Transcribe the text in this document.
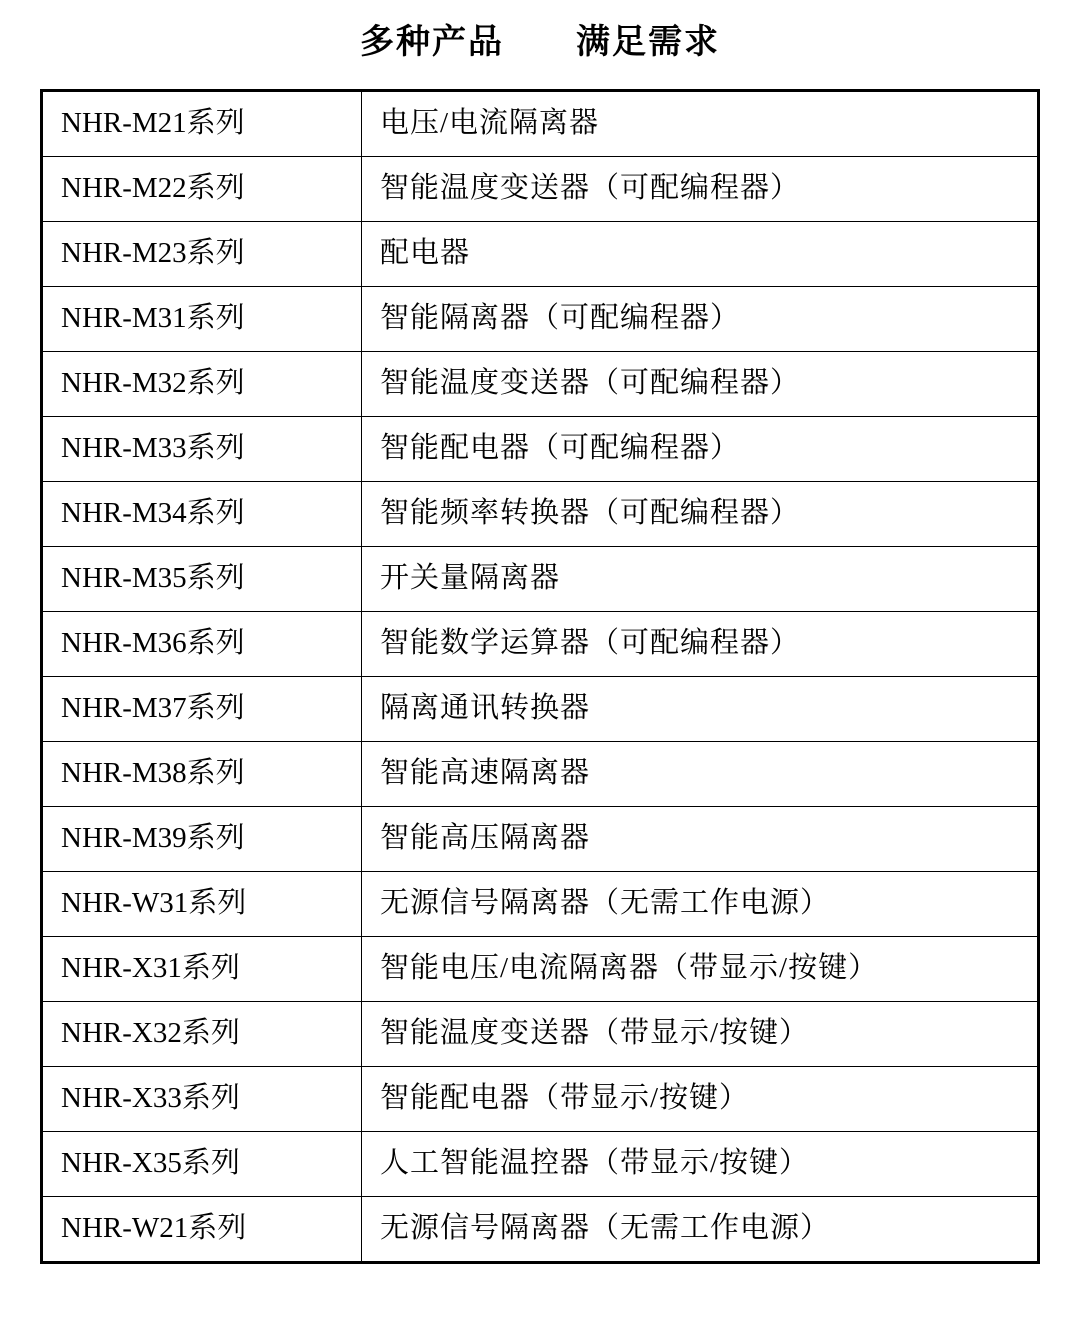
多种产品　　满足需求
NHR-M21系列	电压/电流隔离器
NHR-M22系列	智能温度变送器（可配编程器）
NHR-M23系列	配电器
NHR-M31系列	智能隔离器（可配编程器）
NHR-M32系列	智能温度变送器（可配编程器）
NHR-M33系列	智能配电器（可配编程器）
NHR-M34系列	智能频率转换器（可配编程器）
NHR-M35系列	开关量隔离器
NHR-M36系列	智能数学运算器（可配编程器）
NHR-M37系列	隔离通讯转换器
NHR-M38系列	智能高速隔离器
NHR-M39系列	智能高压隔离器
NHR-W31系列	无源信号隔离器（无需工作电源）
NHR-X31系列	智能电压/电流隔离器（带显示/按键）
NHR-X32系列	智能温度变送器（带显示/按键）
NHR-X33系列	智能配电器（带显示/按键）
NHR-X35系列	人工智能温控器（带显示/按键）
NHR-W21系列	无源信号隔离器（无需工作电源）
